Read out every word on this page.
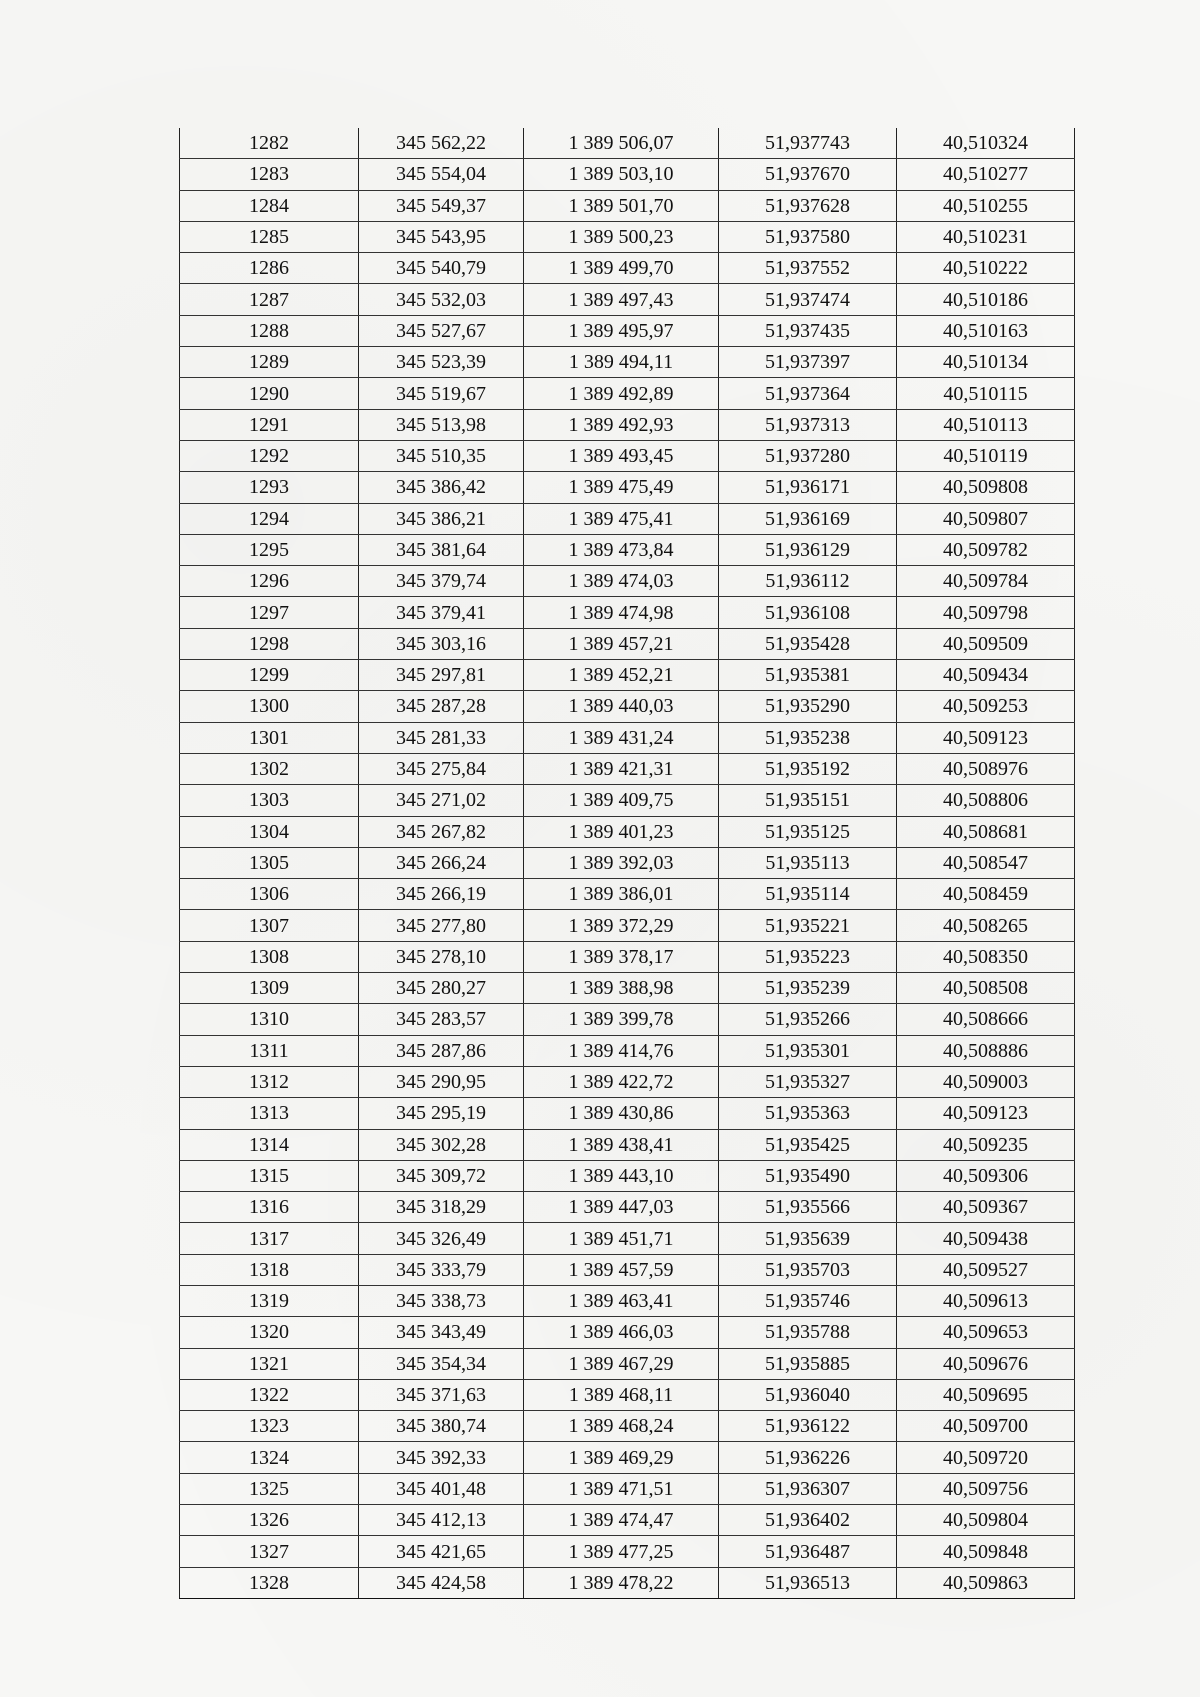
1282	345 562,22	1 389 506,07	51,937743	40,510324
1283	345 554,04	1 389 503,10	51,937670	40,510277
1284	345 549,37	1 389 501,70	51,937628	40,510255
1285	345 543,95	1 389 500,23	51,937580	40,510231
1286	345 540,79	1 389 499,70	51,937552	40,510222
1287	345 532,03	1 389 497,43	51,937474	40,510186
1288	345 527,67	1 389 495,97	51,937435	40,510163
1289	345 523,39	1 389 494,11	51,937397	40,510134
1290	345 519,67	1 389 492,89	51,937364	40,510115
1291	345 513,98	1 389 492,93	51,937313	40,510113
1292	345 510,35	1 389 493,45	51,937280	40,510119
1293	345 386,42	1 389 475,49	51,936171	40,509808
1294	345 386,21	1 389 475,41	51,936169	40,509807
1295	345 381,64	1 389 473,84	51,936129	40,509782
1296	345 379,74	1 389 474,03	51,936112	40,509784
1297	345 379,41	1 389 474,98	51,936108	40,509798
1298	345 303,16	1 389 457,21	51,935428	40,509509
1299	345 297,81	1 389 452,21	51,935381	40,509434
1300	345 287,28	1 389 440,03	51,935290	40,509253
1301	345 281,33	1 389 431,24	51,935238	40,509123
1302	345 275,84	1 389 421,31	51,935192	40,508976
1303	345 271,02	1 389 409,75	51,935151	40,508806
1304	345 267,82	1 389 401,23	51,935125	40,508681
1305	345 266,24	1 389 392,03	51,935113	40,508547
1306	345 266,19	1 389 386,01	51,935114	40,508459
1307	345 277,80	1 389 372,29	51,935221	40,508265
1308	345 278,10	1 389 378,17	51,935223	40,508350
1309	345 280,27	1 389 388,98	51,935239	40,508508
1310	345 283,57	1 389 399,78	51,935266	40,508666
1311	345 287,86	1 389 414,76	51,935301	40,508886
1312	345 290,95	1 389 422,72	51,935327	40,509003
1313	345 295,19	1 389 430,86	51,935363	40,509123
1314	345 302,28	1 389 438,41	51,935425	40,509235
1315	345 309,72	1 389 443,10	51,935490	40,509306
1316	345 318,29	1 389 447,03	51,935566	40,509367
1317	345 326,49	1 389 451,71	51,935639	40,509438
1318	345 333,79	1 389 457,59	51,935703	40,509527
1319	345 338,73	1 389 463,41	51,935746	40,509613
1320	345 343,49	1 389 466,03	51,935788	40,509653
1321	345 354,34	1 389 467,29	51,935885	40,509676
1322	345 371,63	1 389 468,11	51,936040	40,509695
1323	345 380,74	1 389 468,24	51,936122	40,509700
1324	345 392,33	1 389 469,29	51,936226	40,509720
1325	345 401,48	1 389 471,51	51,936307	40,509756
1326	345 412,13	1 389 474,47	51,936402	40,509804
1327	345 421,65	1 389 477,25	51,936487	40,509848
1328	345 424,58	1 389 478,22	51,936513	40,509863
